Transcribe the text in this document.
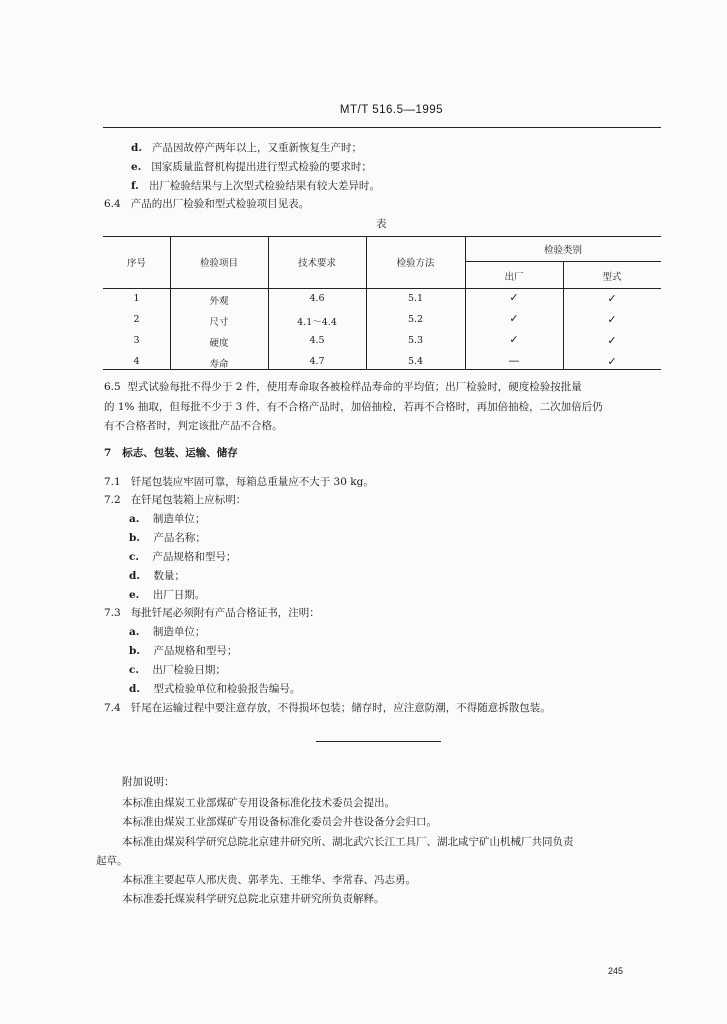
MT/T 516.5—1995
d. 产品因故停产两年以上，又重新恢复生产时；
e. 国家质量监督机构提出进行型式检验的要求时；
f. 出厂检验结果与上次型式检验结果有较大差异时。
6.4 产品的出厂检验和型式检验项目见表。
表
序号	检验项目	技术要求	检验方法
检验类别
出厂	型式
1	外观	4.6	5.1	✓	✓
2	尺寸	4.1～4.4	5.2	✓	✓
3	硬度	4.5	5.3	✓	✓
4	寿命	4.7	5.4	—	✓
6.5 型式试验每批不得少于 2 件，使用寿命取各被检样品寿命的平均值；出厂检验时，硬度检验按批量
的 1% 抽取，但每批不少于 3 件，有不合格产品时，加倍抽检，若再不合格时，再加倍抽检，二次加倍后仍
有不合格者时，判定该批产品不合格。
7 标志、包装、运输、储存
7.1 钎尾包装应牢固可靠，每箱总重量应不大于 30 kg。
7.2 在钎尾包装箱上应标明：
a. 制造单位；
b. 产品名称；
c. 产品规格和型号；
d. 数量；
e. 出厂日期。
7.3 每批钎尾必须附有产品合格证书，注明：
a. 制造单位；
b. 产品规格和型号；
c. 出厂检验日期；
d. 型式检验单位和检验报告编号。
7.4 钎尾在运输过程中要注意存放，不得损坏包装；储存时，应注意防潮，不得随意拆散包装。
附加说明：
本标准由煤炭工业部煤矿专用设备标准化技术委员会提出。
本标准由煤炭工业部煤矿专用设备标准化委员会井巷设备分会归口。
本标准由煤炭科学研究总院北京建井研究所、湖北武穴长江工具厂、湖北咸宁矿山机械厂共同负责
起草。
本标准主要起草人邢庆贵、郭孝先、王维华、李常春、冯志勇。
本标准委托煤炭科学研究总院北京建井研究所负责解释。
245
